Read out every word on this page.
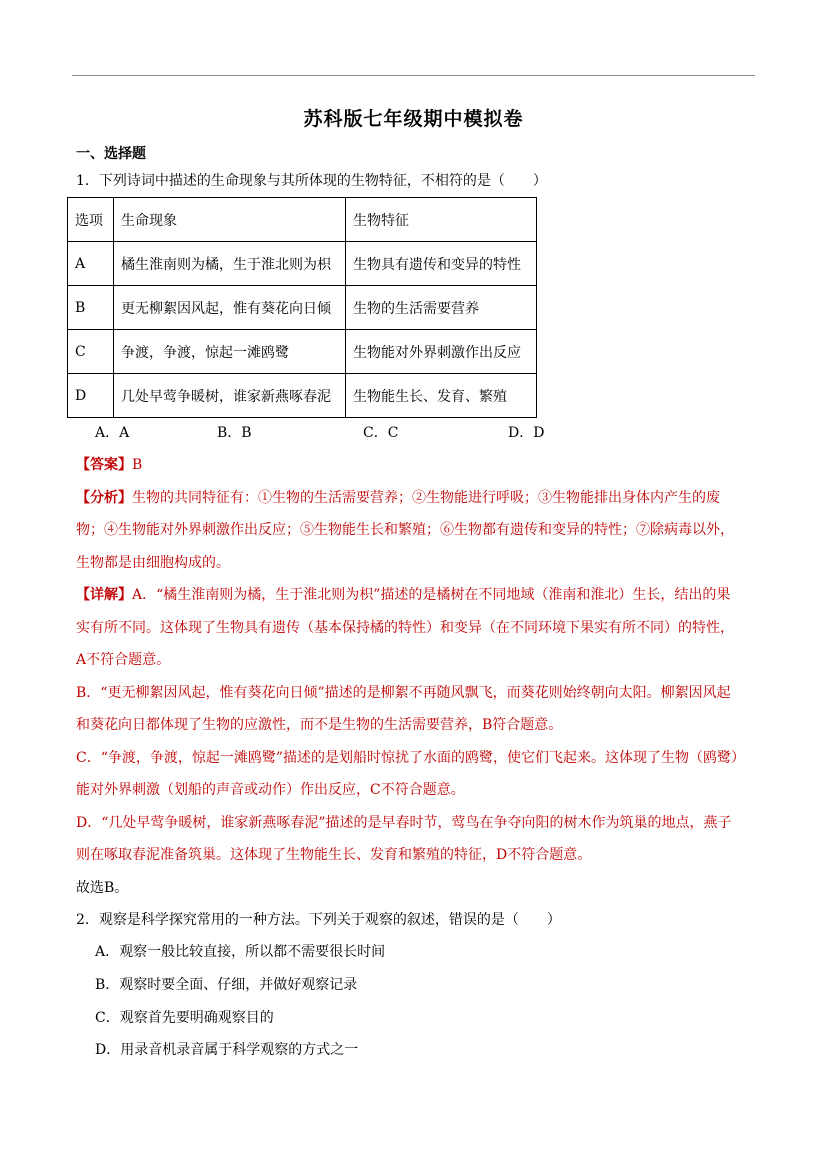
苏科版七年级期中模拟卷
一、选择题
1．下列诗词中描述的生命现象与其所体现的生物特征，不相符的是（　　）
选项	生命现象	生物特征
A	橘生淮南则为橘，生于淮北则为枳	生物具有遗传和变异的特性
B	更无柳絮因风起，惟有葵花向日倾	生物的生活需要营养
C	争渡，争渡，惊起一滩鸥鹭	生物能对外界刺激作出反应
D	几处早莺争暖树，谁家新燕啄春泥	生物能生长、发育、繁殖
A．A	B．B	C．C	D．D
【答案】B
【分析】生物的共同特征有：①生物的生活需要营养；②生物能进行呼吸；③生物能排出身体内产生的废
物；④生物能对外界刺激作出反应；⑤生物能生长和繁殖；⑥生物都有遗传和变异的特性；⑦除病毒以外，
生物都是由细胞构成的。
【详解】A．“橘生淮南则为橘，生于淮北则为枳”描述的是橘树在不同地域（淮南和淮北）生长，结出的果
实有所不同。这体现了生物具有遗传（基本保持橘的特性）和变异（在不同环境下果实有所不同）的特性，
A不符合题意。
B．“更无柳絮因风起，惟有葵花向日倾”描述的是柳絮不再随风飘飞，而葵花则始终朝向太阳。柳絮因风起
和葵花向日都体现了生物的应激性，而不是生物的生活需要营养，B符合题意。
C．“争渡，争渡，惊起一滩鸥鹭”描述的是划船时惊扰了水面的鸥鹭，使它们飞起来。这体现了生物（鸥鹭）
能对外界刺激（划船的声音或动作）作出反应，C不符合题意。
D．“几处早莺争暖树，谁家新燕啄春泥”描述的是早春时节，莺鸟在争夺向阳的树木作为筑巢的地点，燕子
则在啄取春泥准备筑巢。这体现了生物能生长、发育和繁殖的特征，D不符合题意。
故选B。
2．观察是科学探究常用的一种方法。下列关于观察的叙述，错误的是（　　）
A．观察一般比较直接，所以都不需要很长时间
B．观察时要全面、仔细，并做好观察记录
C．观察首先要明确观察目的
D．用录音机录音属于科学观察的方式之一
